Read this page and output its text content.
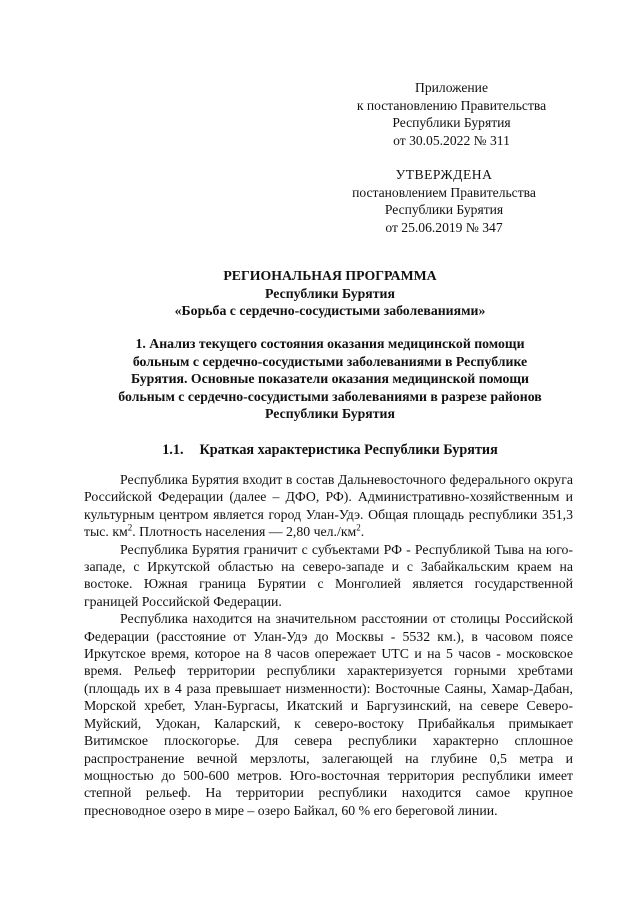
Приложение
к постановлению Правительства
Республики Бурятия
от 30.05.2022 № 311
УТВЕРЖДЕНА
постановлением Правительства
Республики Бурятия
от 25.06.2019 № 347
РЕГИОНАЛЬНАЯ ПРОГРАММА
Республики Бурятия
«Борьба с сердечно-сосудистыми заболеваниями»
1. Анализ текущего состояния оказания медицинской помощи
больным с сердечно-сосудистыми заболеваниями в Республике
Бурятия. Основные показатели оказания медицинской помощи
больным с сердечно-сосудистыми заболеваниями в разрезе районов
Республики Бурятия
1.1. Краткая характеристика Республики Бурятия

Республика Бурятия входит в состав Дальневосточного федерального округа Российской Федерации (далее – ДФО, РФ). Административно-хозяйственным и культурным центром является город Улан-Удэ. Общая площадь республики 351,3 тыс. $км^2$. Плотность населения — 2,80 $чел./км^2$.

Республика Бурятия граничит с субъектами РФ - Республикой Тыва на юго-западе, с Иркутской областью на северо-западе и с Забайкальским краем на востоке. Южная граница Бурятии с Монголией является государственной границей Российской Федерации.

Республика находится на значительном расстоянии от столицы Российской Федерации (расстояние от Улан-Удэ до Москвы - 5532 км.), в часовом поясе Иркутское время, которое на 8 часов опережает UTC и на 5 часов - московское время. Рельеф территории республики характеризуется горными хребтами (площадь их в 4 раза превышает низменности): Восточные Саяны, Хамар-Дабан, Морской хребет, Улан-Бургасы, Икатский и Баргузинский, на севере Северо-Муйский, Удокан, Каларский, к северо-востоку Прибайкалья примыкает Витимское плоскогорье. Для севера республики характерно сплошное распространение вечной мерзлоты, залегающей на глубине 0,5 метра и мощностью до 500-600 метров. Юго-восточная территория республики имеет степной рельеф. На территории республики находится самое крупное пресноводное озеро в мире – озеро Байкал, 60 % его береговой линии.
